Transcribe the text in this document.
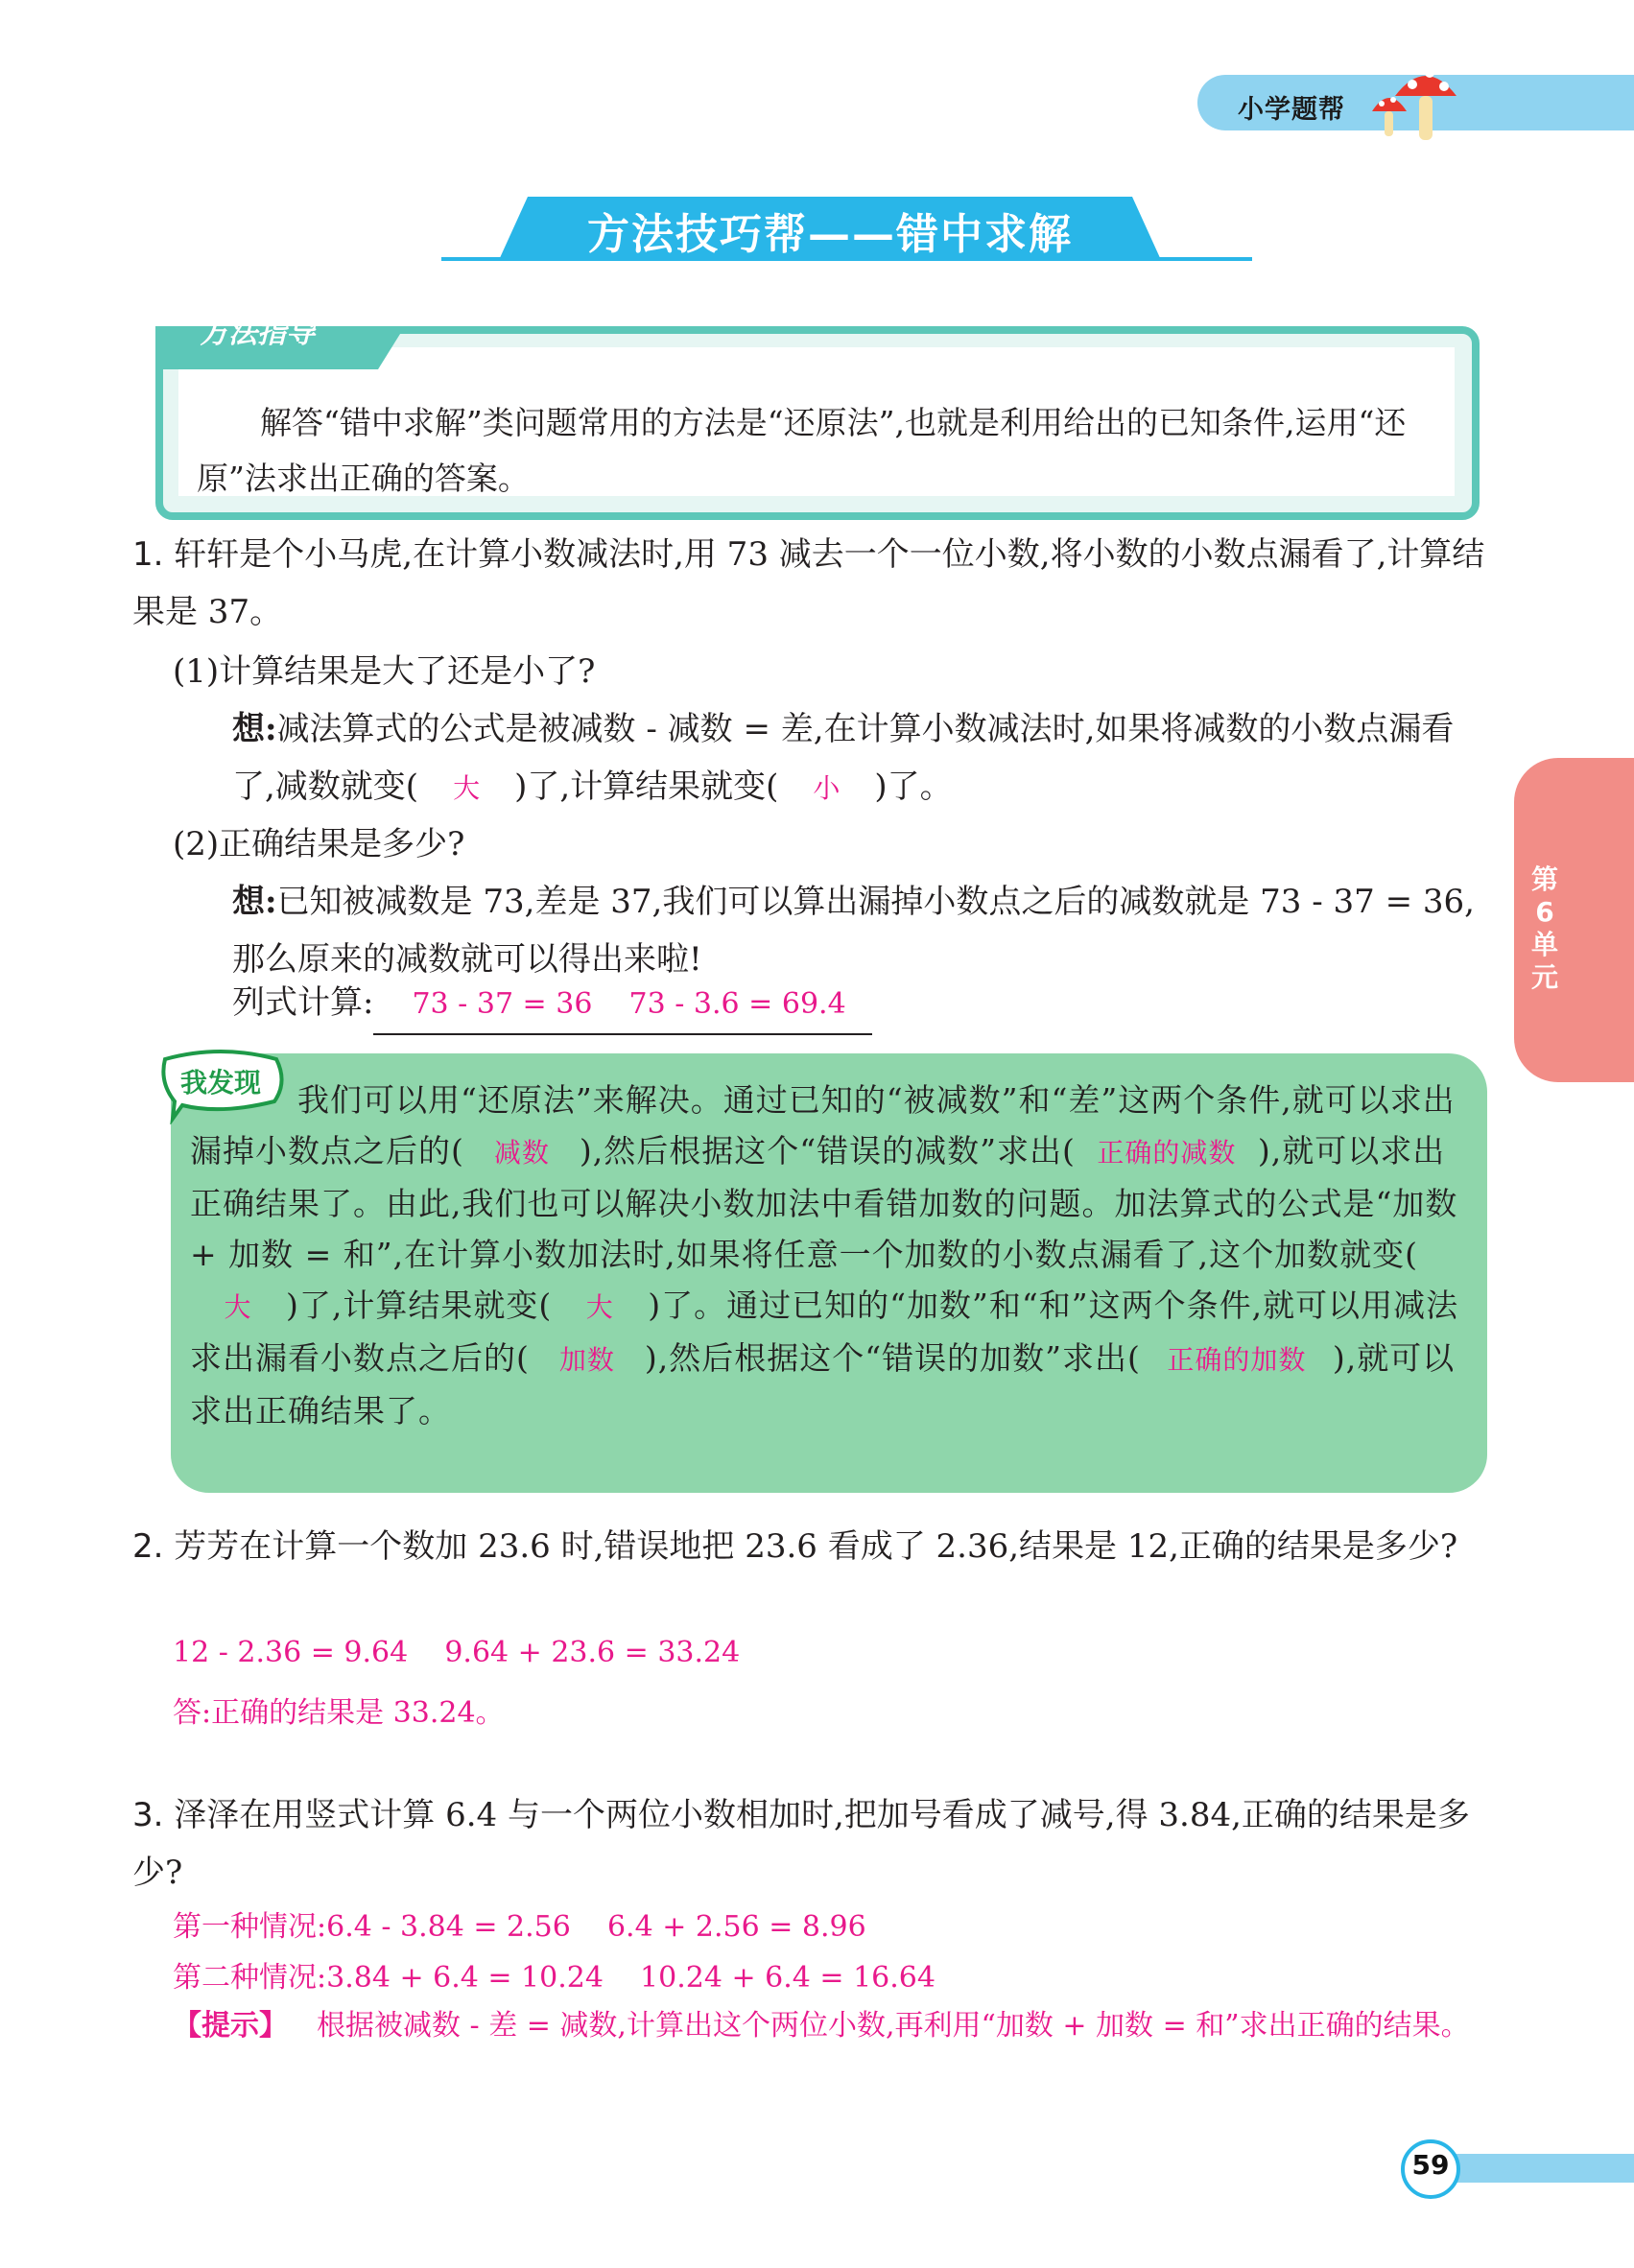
小学题帮
方法技巧帮——错中求解
方法指导
解答“错中求解”类问题常用的方法是“还原法”,也就是利用给出的已知条件,运用“还原”法求出正确的答案。
1. 轩轩是个小马虎,在计算小数减法时,用 73 减去一个一位小数,将小数的小数点漏看了,计算结果是 37。
(1)计算结果是大了还是小了?
想:减法算式的公式是被减数 - 减数 = 差,在计算小数减法时,如果将减数的小数点漏看了,减数就变( 大 )了,计算结果就变( 小 )了。
(2)正确结果是多少?
想:已知被减数是 73,差是 37,我们可以算出漏掉小数点之后的减数就是 73 - 37 = 36,那么原来的减数就可以得出来啦!
列式计算: 73 - 37 = 36    73 - 3.6 = 69.4
我发现	我们可以用“还原法”来解决。通过已知的“被减数”和“差”这两个条件,就可以求出漏掉小数点之后的( 减数 ),然后根据这个“错误的减数”求出( 正确的减数 ),就可以求出正确结果了。由此,我们也可以解决小数加法中看错加数的问题。加法算式的公式是“加数 + 加数 = 和”,在计算小数加法时,如果将任意一个加数的小数点漏看了,这个加数就变(大 )了,计算结果就变( 大 )了。通过已知的“加数”和“和”这两个条件,就可以用减法求出漏看小数点之后的( 加数 ),然后根据这个“错误的加数”求出( 正确的加数 ),就可以求出正确结果了。
2. 芳芳在计算一个数加 23.6 时,错误地把 23.6 看成了 2.36,结果是 12,正确的结果是多少?
12 - 2.36 = 9.64    9.64 + 23.6 = 33.24
答:正确的结果是 33.24。
3. 泽泽在用竖式计算 6.4 与一个两位小数相加时,把加号看成了减号,得 3.84,正确的结果是多少?
第一种情况:6.4 - 3.84 = 2.56    6.4 + 2.56 = 8.96
第二种情况:3.84 + 6.4 = 10.24    10.24 + 6.4 = 16.64
【提示】 根据被减数 - 差 = 减数,计算出这个两位小数,再利用“加数 + 加数 = 和”求出正确的结果。
第6单元
59
